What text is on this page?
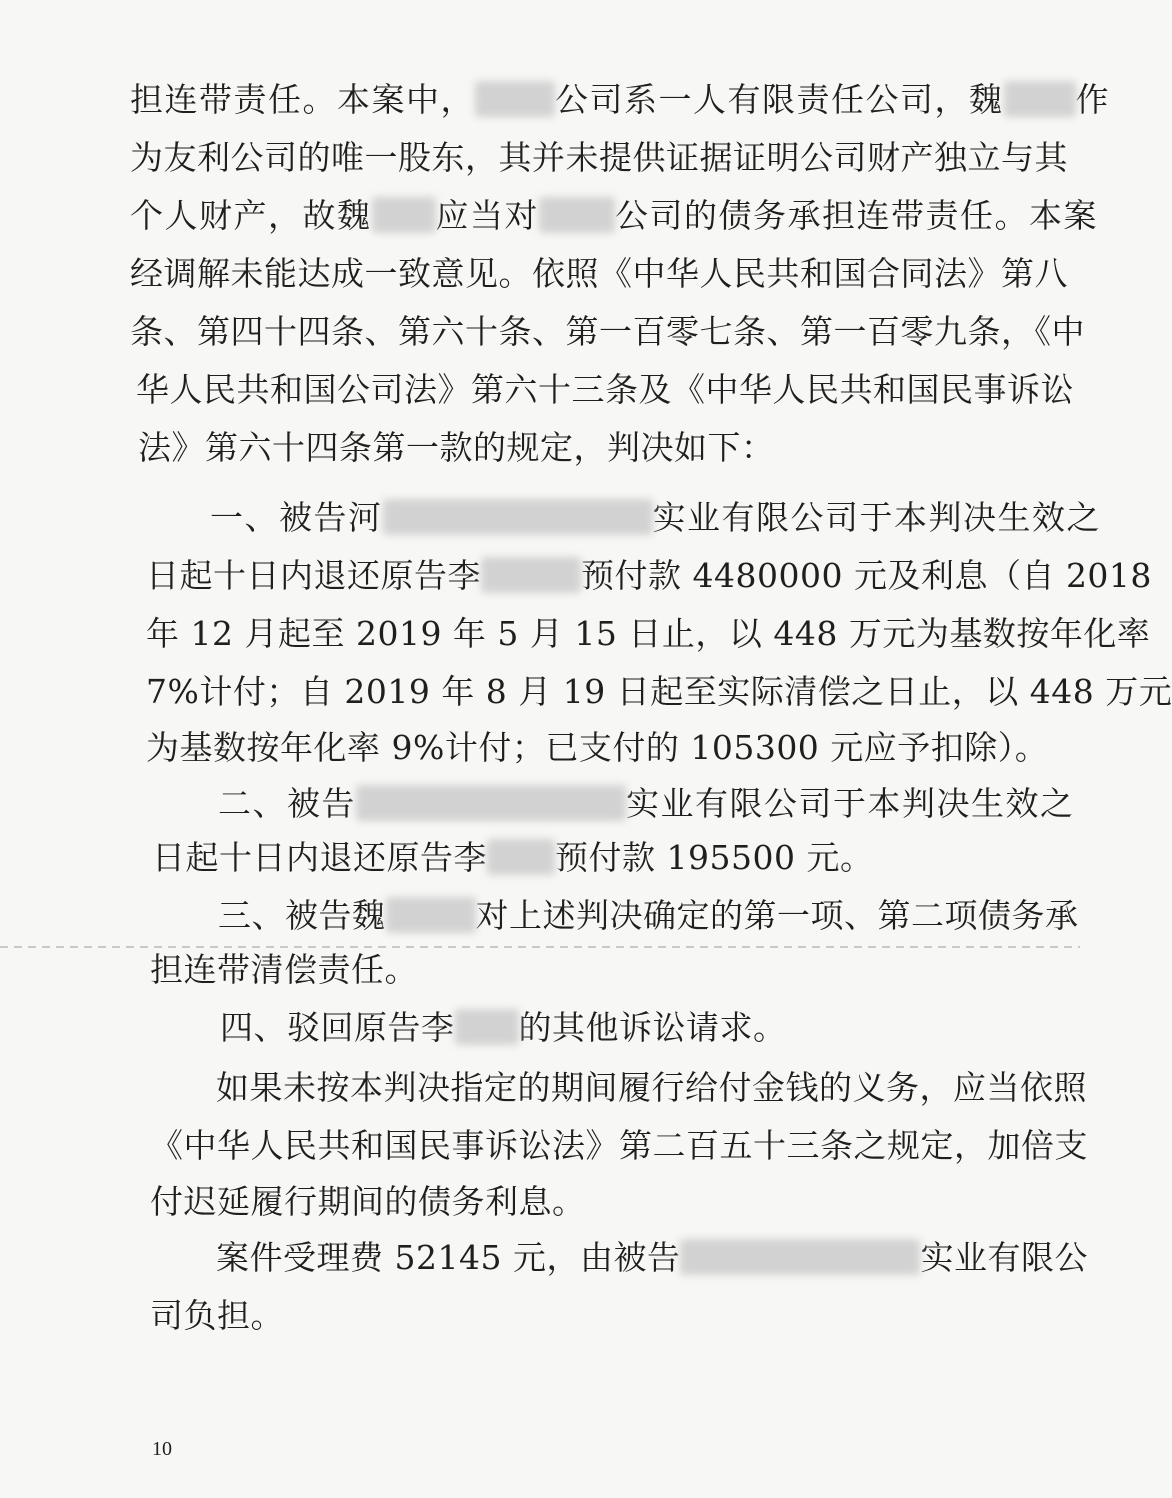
担连带责任。本案中， 公司系一人有限责任公司，魏 作
为友利公司的唯一股东，其并未提供证据证明公司财产独立与其
个人财产，故魏 应当对 公司的债务承担连带责任。本案
经调解未能达成一致意见。依照《中华人民共和国合同法》第八
条、第四十四条、第六十条、第一百零七条、第一百零九条，《中
华人民共和国公司法》第六十三条及《中华人民共和国民事诉讼
法》第六十四条第一款的规定，判决如下：
一、被告河	实业有限公司于本判决生效之
日起十日内退还原告李	预付款 4480000 元及利息（自 2018
年 12 月起至 2019 年 5 月 15 日止，以 448 万元为基数按年化率
7%计付；自 2019 年 8 月 19 日起至实际清偿之日止，以 448 万元
为基数按年化率 9%计付；已支付的 105300 元应予扣除）。
二、被告	实业有限公司于本判决生效之
日起十日内退还原告李 预付款 195500 元。
三、被告魏	对上述判决确定的第一项、第二项债务承
担连带清偿责任。
四、驳回原告李 的其他诉讼请求。
如果未按本判决指定的期间履行给付金钱的义务，应当依照
《中华人民共和国民事诉讼法》第二百五十三条之规定，加倍支
付迟延履行期间的债务利息。
案件受理费 52145 元，由被告	实业有限公
司负担。
10
